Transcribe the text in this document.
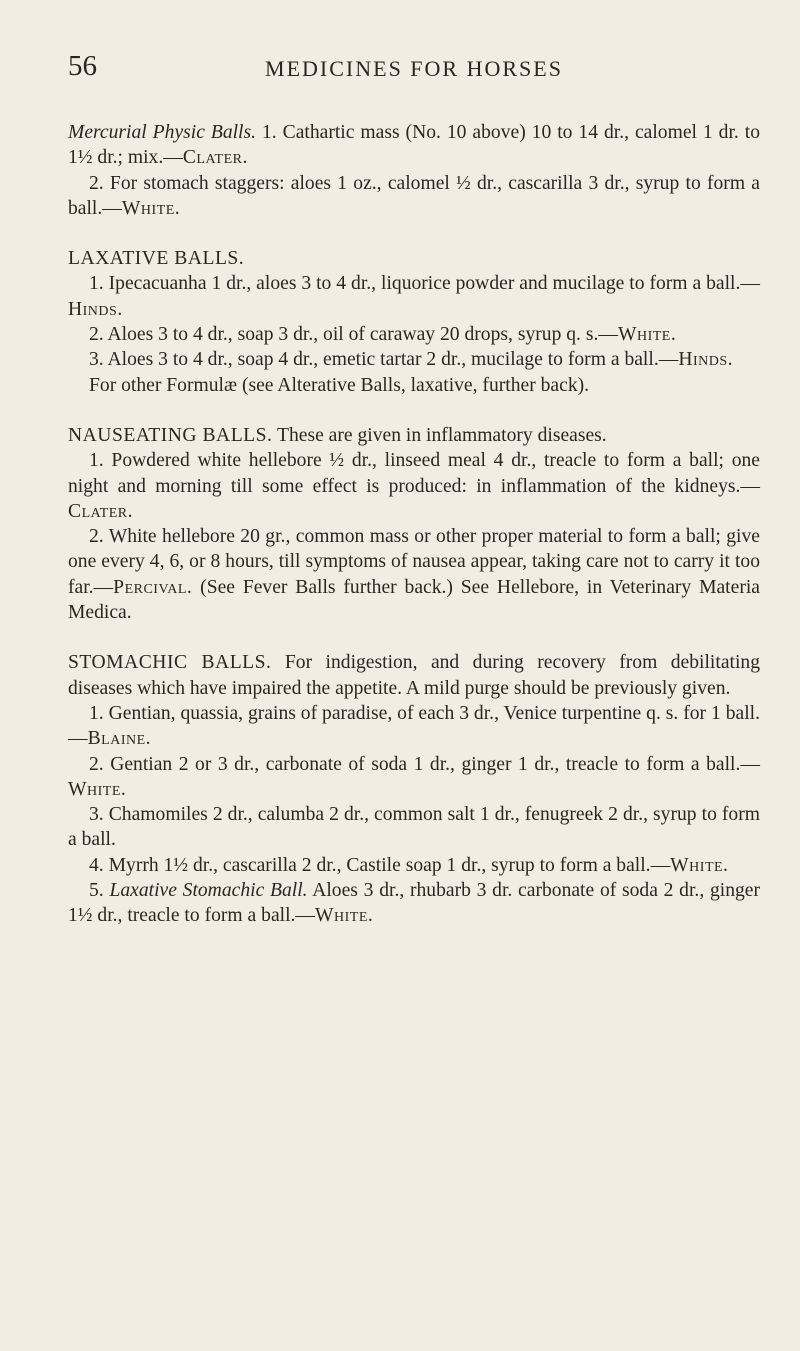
56	MEDICINES FOR HORSES

Mercurial Physic Balls. 1. Cathartic mass (No. 10 above) 10 to 14 dr., calomel 1 dr. to 1½ dr.; mix.—Clater.

2. For stomach staggers: aloes 1 oz., calomel ½ dr., cascarilla 3 dr., syrup to form a ball.—White.

LAXATIVE BALLS.

1. Ipecacuanha 1 dr., aloes 3 to 4 dr., liquorice powder and mucilage to form a ball.—Hinds.

2. Aloes 3 to 4 dr., soap 3 dr., oil of caraway 20 drops, syrup q. s.—White.

3. Aloes 3 to 4 dr., soap 4 dr., emetic tartar 2 dr., mucilage to form a ball.—Hinds.

For other Formulæ (see Alterative Balls, laxative, further back).

NAUSEATING BALLS. These are given in inflammatory diseases.

1. Powdered white hellebore ½ dr., linseed meal 4 dr., treacle to form a ball; one night and morning till some effect is produced: in inflammation of the kidneys.—Clater.

2. White hellebore 20 gr., common mass or other proper material to form a ball; give one every 4, 6, or 8 hours, till symptoms of nausea appear, taking care not to carry it too far.—Percival. (See Fever Balls further back.) See Hellebore, in Veterinary Materia Medica.

STOMACHIC BALLS. For indigestion, and during recovery from debilitating diseases which have impaired the appetite. A mild purge should be previously given.

1. Gentian, quassia, grains of paradise, of each 3 dr., Venice turpentine q. s. for 1 ball.—Blaine.

2. Gentian 2 or 3 dr., carbonate of soda 1 dr., ginger 1 dr., treacle to form a ball.—White.

3. Chamomiles 2 dr., calumba 2 dr., common salt 1 dr., fenugreek 2 dr., syrup to form a ball.

4. Myrrh 1½ dr., cascarilla 2 dr., Castile soap 1 dr., syrup to form a ball.—White.

5. Laxative Stomachic Ball. Aloes 3 dr., rhubarb 3 dr. carbonate of soda 2 dr., ginger 1½ dr., treacle to form a ball.—White.
